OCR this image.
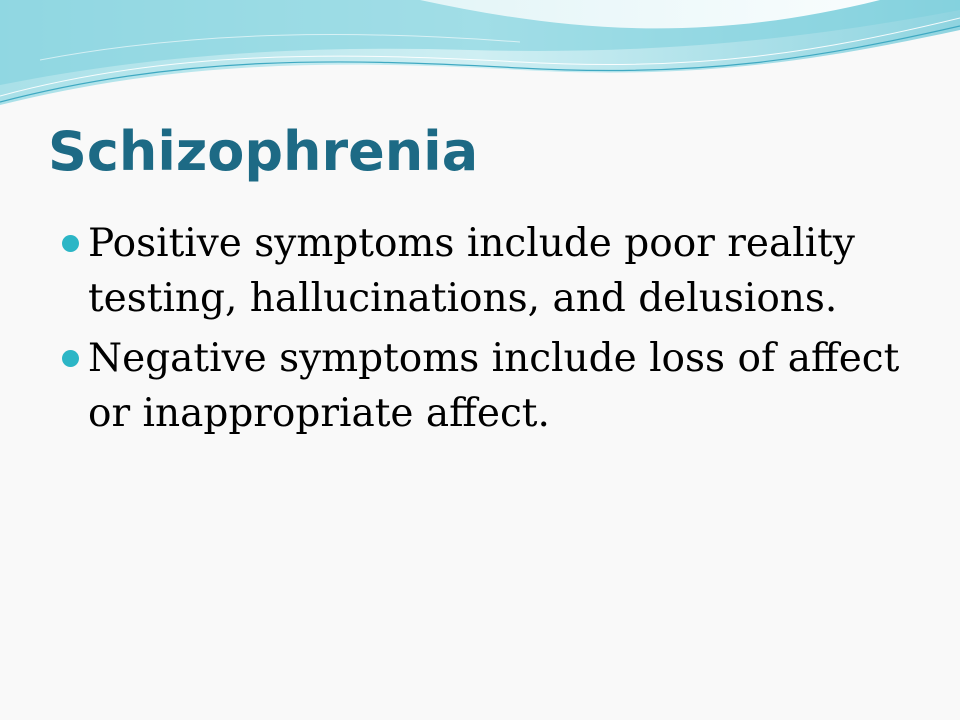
Schizophrenia
Positive symptoms include poor reality testing, hallucinations, and delusions.
Negative symptoms include loss of affect or inappropriate affect.
